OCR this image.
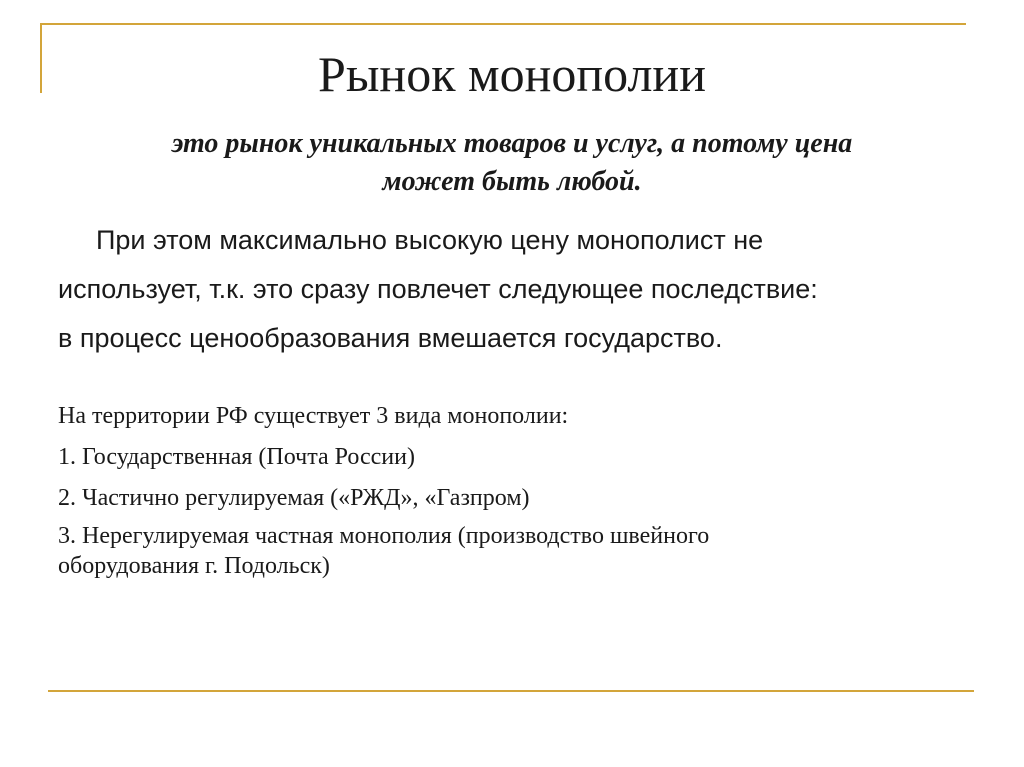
Рынок монополии

это рынок уникальных товаров и услуг, а потому цена
может быть любой.

При этом максимально высокую цену монополист не
использует, т.к. это сразу повлечет следующее последствие:
в процесс ценообразования вмешается государство.

На территории РФ существует 3 вида монополии:
1. Государственная (Почта России)
2. Частично регулируемая («РЖД», «Газпром)
3. Нерегулируемая частная монополия (производство швейного
оборудования г. Подольск)
